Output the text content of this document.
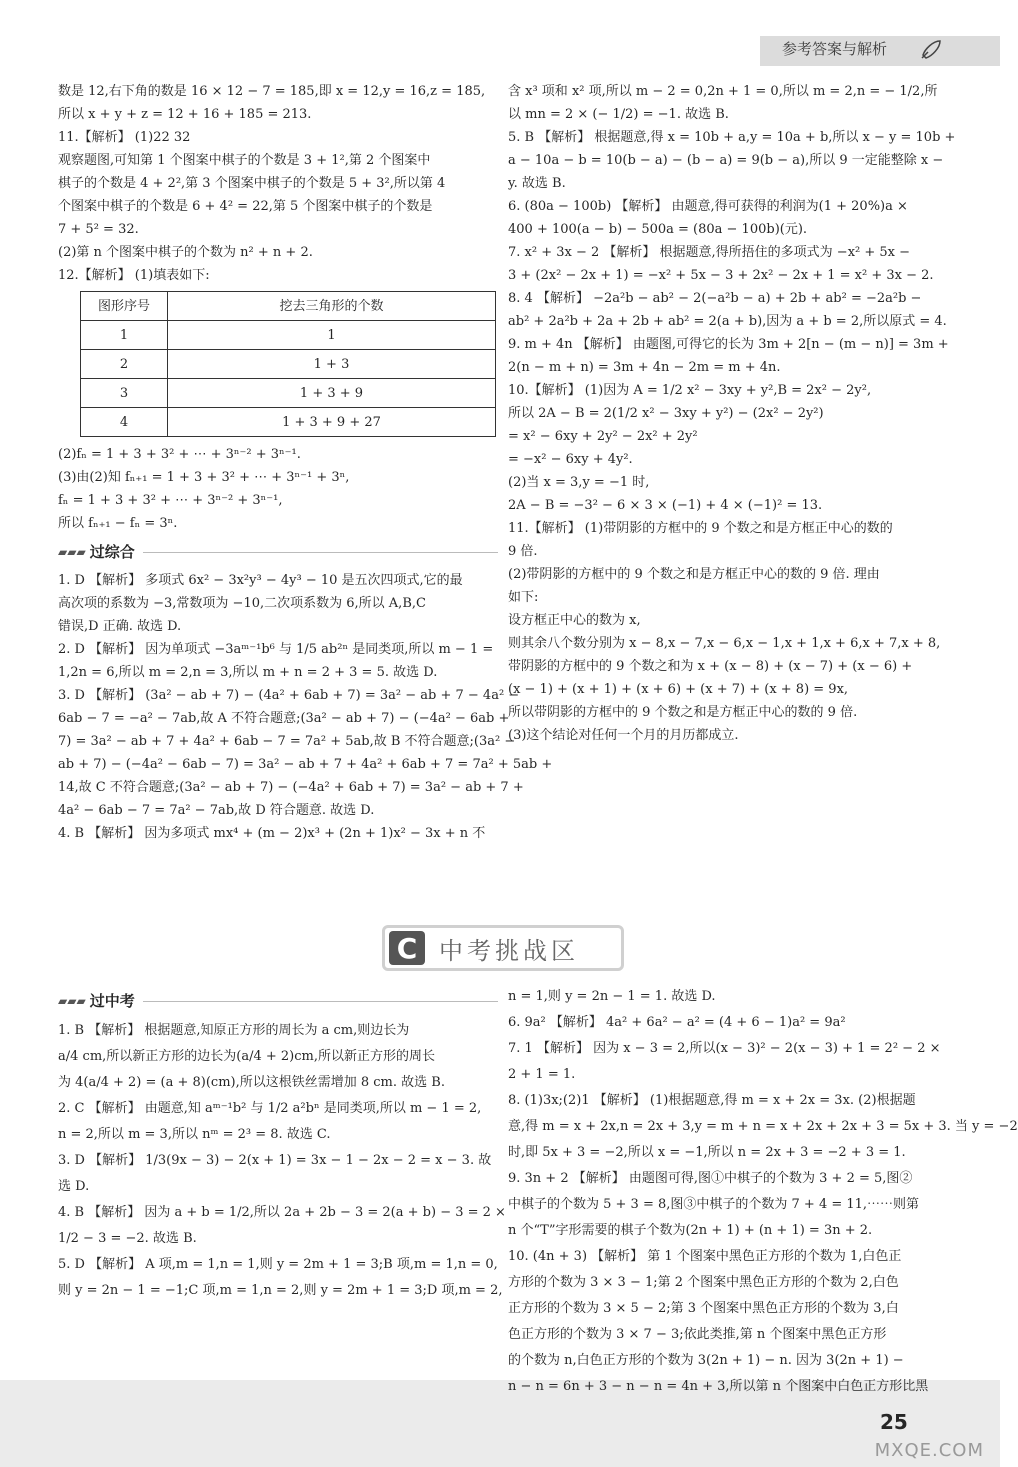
参考答案与解析
数是 12,右下角的数是 16 × 12 − 7 = 185,即 x = 12,y = 16,z = 185,
所以 x + y + z = 12 + 16 + 185 = 213.
11.【解析】 (1)22 32
观察题图,可知第 1 个图案中棋子的个数是 3 + 1²,第 2 个图案中
棋子的个数是 4 + 2²,第 3 个图案中棋子的个数是 5 + 3²,所以第 4
个图案中棋子的个数是 6 + 4² = 22,第 5 个图案中棋子的个数是
7 + 5² = 32.
(2)第 n 个图案中棋子的个数为 n² + n + 2.
12.【解析】 (1)填表如下:
图形序号	挖去三角形的个数
1	1
2	1 + 3
3	1 + 3 + 9
4	1 + 3 + 9 + 27
(2)fₙ = 1 + 3 + 3² + ⋯ + 3ⁿ⁻² + 3ⁿ⁻¹.
(3)由(2)知 fₙ₊₁ = 1 + 3 + 3² + ⋯ + 3ⁿ⁻¹ + 3ⁿ,
fₙ = 1 + 3 + 3² + ⋯ + 3ⁿ⁻² + 3ⁿ⁻¹,
所以 fₙ₊₁ − fₙ = 3ⁿ.
▰▰▰ 过综合
1. D 【解析】 多项式 6x² − 3x²y³ − 4y³ − 10 是五次四项式,它的最
高次项的系数为 −3,常数项为 −10,二次项系数为 6,所以 A,B,C
错误,D 正确. 故选 D.
2. D 【解析】 因为单项式 −3aᵐ⁻¹b⁶ 与 1/5 ab²ⁿ 是同类项,所以 m − 1 =
1,2n = 6,所以 m = 2,n = 3,所以 m + n = 2 + 3 = 5. 故选 D.
3. D 【解析】 (3a² − ab + 7) − (4a² + 6ab + 7) = 3a² − ab + 7 − 4a² −
6ab − 7 = −a² − 7ab,故 A 不符合题意;(3a² − ab + 7) − (−4a² − 6ab +
7) = 3a² − ab + 7 + 4a² + 6ab − 7 = 7a² + 5ab,故 B 不符合题意;(3a² −
ab + 7) − (−4a² − 6ab − 7) = 3a² − ab + 7 + 4a² + 6ab + 7 = 7a² + 5ab +
14,故 C 不符合题意;(3a² − ab + 7) − (−4a² + 6ab + 7) = 3a² − ab + 7 +
4a² − 6ab − 7 = 7a² − 7ab,故 D 符合题意. 故选 D.
4. B 【解析】 因为多项式 mx⁴ + (m − 2)x³ + (2n + 1)x² − 3x + n 不
含 x³ 项和 x² 项,所以 m − 2 = 0,2n + 1 = 0,所以 m = 2,n = − 1/2,所
以 mn = 2 × (− 1/2) = −1. 故选 B.
5. B 【解析】 根据题意,得 x = 10b + a,y = 10a + b,所以 x − y = 10b +
a − 10a − b = 10(b − a) − (b − a) = 9(b − a),所以 9 一定能整除 x −
y. 故选 B.
6. (80a − 100b) 【解析】 由题意,得可获得的利润为(1 + 20%)a ×
400 + 100(a − b) − 500a = (80a − 100b)(元).
7. x² + 3x − 2 【解析】 根据题意,得所捂住的多项式为 −x² + 5x −
3 + (2x² − 2x + 1) = −x² + 5x − 3 + 2x² − 2x + 1 = x² + 3x − 2.
8. 4 【解析】 −2a²b − ab² − 2(−a²b − a) + 2b + ab² = −2a²b −
ab² + 2a²b + 2a + 2b + ab² = 2(a + b),因为 a + b = 2,所以原式 = 4.
9. m + 4n 【解析】 由题图,可得它的长为 3m + 2[n − (m − n)] = 3m +
2(n − m + n) = 3m + 4n − 2m = m + 4n.
10.【解析】 (1)因为 A = 1/2 x² − 3xy + y²,B = 2x² − 2y²,
所以 2A − B = 2(1/2 x² − 3xy + y²) − (2x² − 2y²)
= x² − 6xy + 2y² − 2x² + 2y²
= −x² − 6xy + 4y².
(2)当 x = 3,y = −1 时,
2A − B = −3² − 6 × 3 × (−1) + 4 × (−1)² = 13.
11.【解析】 (1)带阴影的方框中的 9 个数之和是方框正中心的数的
9 倍.
(2)带阴影的方框中的 9 个数之和是方框正中心的数的 9 倍. 理由
如下:
设方框正中心的数为 x,
则其余八个数分别为 x − 8,x − 7,x − 6,x − 1,x + 1,x + 6,x + 7,x + 8,
带阴影的方框中的 9 个数之和为 x + (x − 8) + (x − 7) + (x − 6) +
(x − 1) + (x + 1) + (x + 6) + (x + 7) + (x + 8) = 9x,
所以带阴影的方框中的 9 个数之和是方框正中心的数的 9 倍.
(3)这个结论对任何一个月的月历都成立.
C 中考挑战区
▰▰▰ 过中考
1. B 【解析】 根据题意,知原正方形的周长为 a cm,则边长为
a/4 cm,所以新正方形的边长为(a/4 + 2)cm,所以新正方形的周长
为 4(a/4 + 2) = (a + 8)(cm),所以这根铁丝需增加 8 cm. 故选 B.
2. C 【解析】 由题意,知 aᵐ⁻¹b² 与 1/2 a²bⁿ 是同类项,所以 m − 1 = 2,
n = 2,所以 m = 3,所以 nᵐ = 2³ = 8. 故选 C.
3. D 【解析】 1/3(9x − 3) − 2(x + 1) = 3x − 1 − 2x − 2 = x − 3. 故
选 D.
4. B 【解析】 因为 a + b = 1/2,所以 2a + 2b − 3 = 2(a + b) − 3 = 2 ×
1/2 − 3 = −2. 故选 B.
5. D 【解析】 A 项,m = 1,n = 1,则 y = 2m + 1 = 3;B 项,m = 1,n = 0,
则 y = 2n − 1 = −1;C 项,m = 1,n = 2,则 y = 2m + 1 = 3;D 项,m = 2,
n = 1,则 y = 2n − 1 = 1. 故选 D.
6. 9a² 【解析】 4a² + 6a² − a² = (4 + 6 − 1)a² = 9a²
7. 1 【解析】 因为 x − 3 = 2,所以(x − 3)² − 2(x − 3) + 1 = 2² − 2 ×
2 + 1 = 1.
8. (1)3x;(2)1 【解析】 (1)根据题意,得 m = x + 2x = 3x. (2)根据题
意,得 m = x + 2x,n = 2x + 3,y = m + n = x + 2x + 2x + 3 = 5x + 3. 当 y = −2
时,即 5x + 3 = −2,所以 x = −1,所以 n = 2x + 3 = −2 + 3 = 1.
9. 3n + 2 【解析】 由题图可得,图①中棋子的个数为 3 + 2 = 5,图②
中棋子的个数为 5 + 3 = 8,图③中棋子的个数为 7 + 4 = 11,⋯⋯则第
n 个“T”字形需要的棋子个数为(2n + 1) + (n + 1) = 3n + 2.
10. (4n + 3) 【解析】 第 1 个图案中黑色正方形的个数为 1,白色正
方形的个数为 3 × 3 − 1;第 2 个图案中黑色正方形的个数为 2,白色
正方形的个数为 3 × 5 − 2;第 3 个图案中黑色正方形的个数为 3,白
色正方形的个数为 3 × 7 − 3;依此类推,第 n 个图案中黑色正方形
的个数为 n,白色正方形的个数为 3(2n + 1) − n. 因为 3(2n + 1) −
n − n = 6n + 3 − n − n = 4n + 3,所以第 n 个图案中白色正方形比黑
25
MXQE.COM
